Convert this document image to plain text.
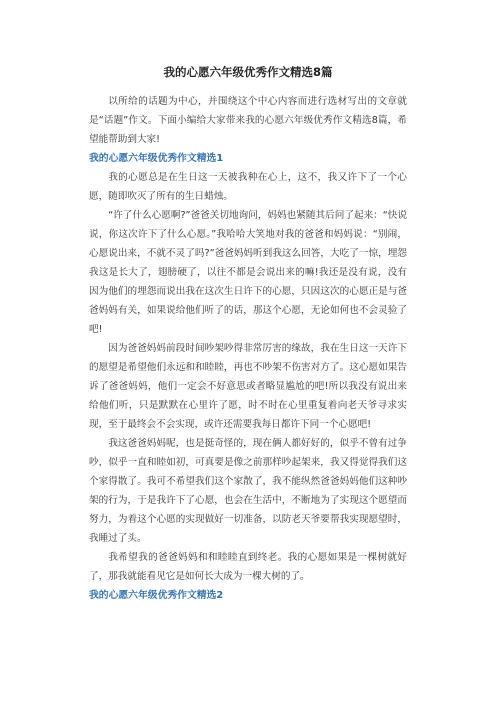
我的心愿六年级优秀作文精选8篇

以所给的话题为中心，并围绕这个中心内容而进行选材写出的文章就是“话题”作文。下面小编给大家带来我的心愿六年级优秀作文精选8篇，希望能帮助到大家!

我的心愿六年级优秀作文精选1

我的心愿总是在生日这一天被我种在心上，这不，我又许下了一个心愿，随即吹灭了所有的生日蜡烛。

“许了什么心愿啊?”爸爸关切地询问，妈妈也紧随其后问了起来：“快说说，你这次许下了什么心愿。”我哈哈大笑地对我的爸爸和妈妈说：“别闹，心愿说出来，不就不灵了吗?”爸爸妈妈听到我这么回答，大吃了一惊，埋怨我这是长大了，翅膀硬了，以往不都是会说出来的嘛!我还是没有说，没有因为他们的埋怨而说出我在这次生日许下的心愿，只因这次的心愿正是与爸爸妈妈有关，如果说给他们听了的话，那这个心愿，无论如何也不会灵验了吧!

因为爸爸妈妈前段时间吵架吵得非常厉害的缘故，我在生日这一天许下的愿望是希望他们永远和和睦睦，再也不吵架不伤害对方了。这心愿如果告诉了爸爸妈妈，他们一定会不好意思或者略显尴尬的吧!所以我没有说出来给他们听，只是默默在心里许了愿，时不时在心里重复着向老天爷寻求实现，至于最终会不会实现，或许还需要我每日都许下同一个心愿吧!

我这爸爸妈妈呢，也是挺奇怪的，现在俩人都好好的，似乎不曾有过争吵，似乎一直和睦如初，可真要是像之前那样吵起架来，我又得觉得我们这个家得散了。我可不希望我们这个家散了，我不能纵然爸爸妈妈他们这种吵架的行为，于是我许下了心愿，也会在生活中，不断地为了实现这个愿望而努力，为着这个心愿的实现做好一切准备，以防老天爷要帮我实现愿望时，我睡过了头。

我希望我的爸爸妈妈和和睦睦直到终老。我的心愿如果是一棵树就好了，那我就能看见它是如何长大成为一棵大树的了。

我的心愿六年级优秀作文精选2
